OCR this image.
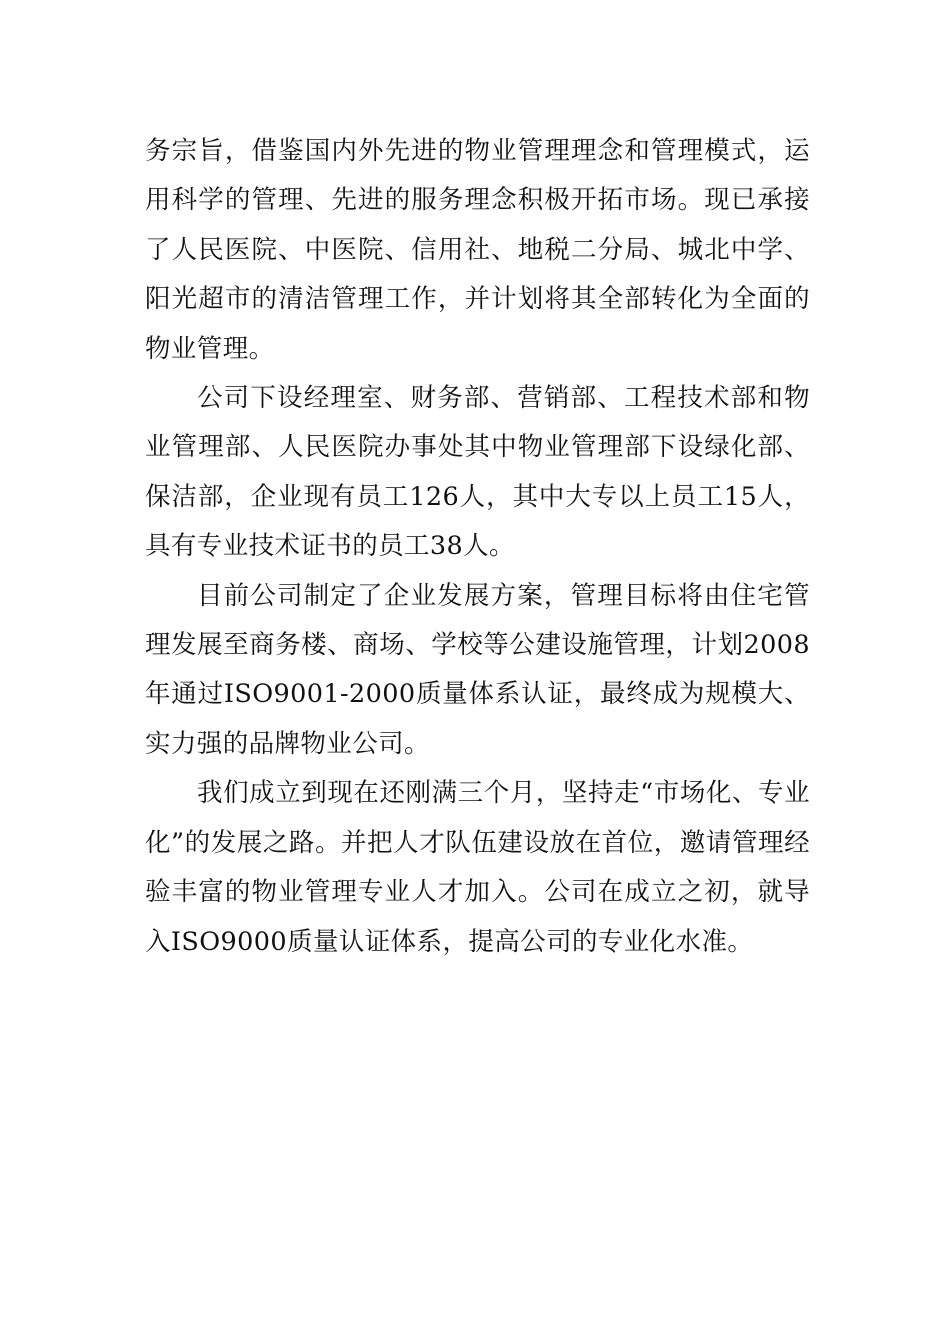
务宗旨，借鉴国内外先进的物业管理理念和管理模式，运用科学的管理、先进的服务理念积极开拓市场。现已承接了人民医院、中医院、信用社、地税二分局、城北中学、阳光超市的清洁管理工作，并计划将其全部转化为全面的物业管理。

公司下设经理室、财务部、营销部、工程技术部和物业管理部、人民医院办事处其中物业管理部下设绿化部、保洁部，企业现有员工126人，其中大专以上员工15人，具有专业技术证书的员工38人。

目前公司制定了企业发展方案，管理目标将由住宅管理发展至商务楼、商场、学校等公建设施管理，计划2008年通过ISO9001-2000质量体系认证，最终成为规模大、实力强的品牌物业公司。

我们成立到现在还刚满三个月，坚持走“市场化、专业化”的发展之路。并把人才队伍建设放在首位，邀请管理经验丰富的物业管理专业人才加入。公司在成立之初，就导入ISO9000质量认证体系，提高公司的专业化水准。
